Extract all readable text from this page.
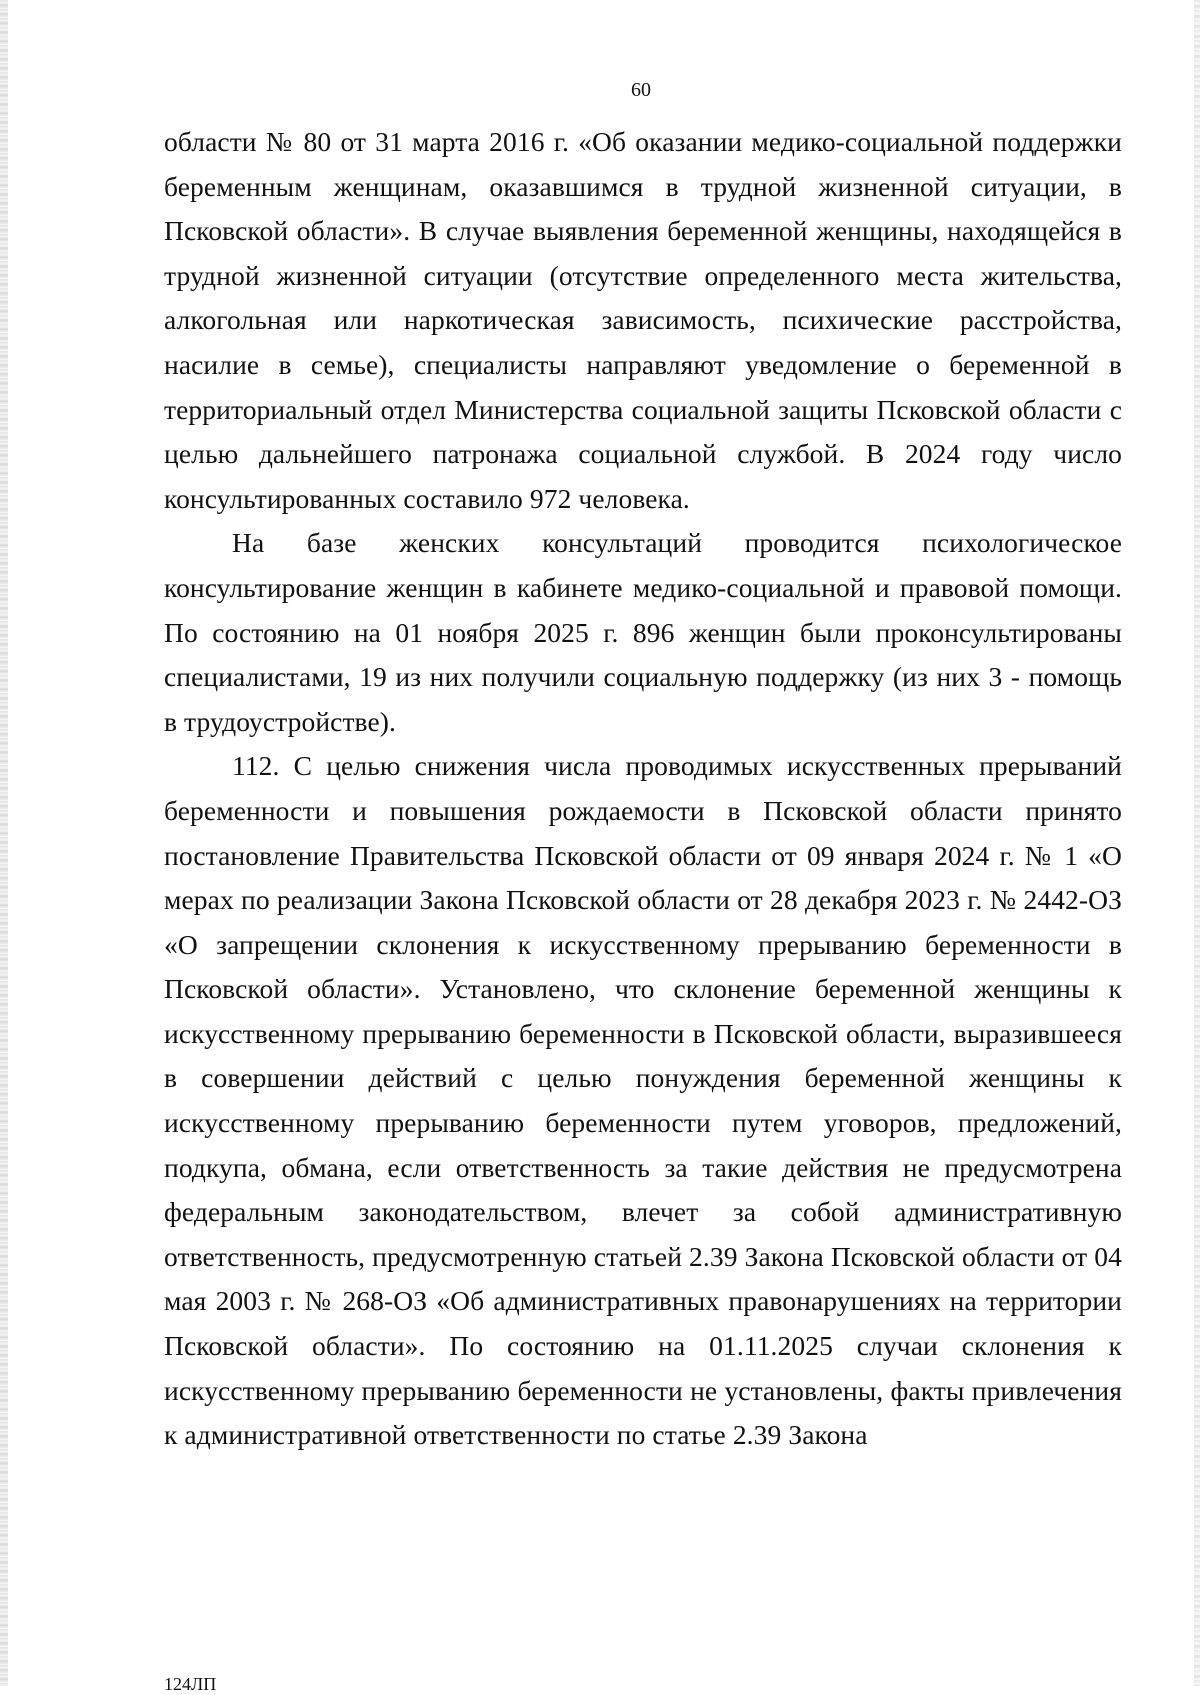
60

области № 80 от 31 марта 2016 г. «Об оказании медико-социальной поддержки беременным женщинам, оказавшимся в трудной жизненной ситуации, в Псковской области». В случае выявления беременной женщины, находящейся в трудной жизненной ситуации (отсутствие определенного места жительства, алкогольная или наркотическая зависимость, психические расстройства, насилие в семье), специалисты направляют уведомление о беременной в территориальный отдел Министерства социальной защиты Псковской области с целью дальнейшего патронажа социальной службой. В 2024 году число консультированных составило 972 человека.

На базе женских консультаций проводится психологическое консультирование женщин в кабинете медико-социальной и правовой помощи. По состоянию на 01 ноября 2025 г. 896 женщин были проконсультированы специалистами, 19 из них получили социальную поддержку (из них 3 - помощь в трудоустройстве).

112. С целью снижения числа проводимых искусственных прерываний беременности и повышения рождаемости в Псковской области принято постановление Правительства Псковской области от 09 января 2024 г. № 1 «О мерах по реализации Закона Псковской области от 28 декабря 2023 г. № 2442-ОЗ «О запрещении склонения к искусственному прерыванию беременности в Псковской области». Установлено, что склонение беременной женщины к искусственному прерыванию беременности в Псковской области, выразившееся в совершении действий с целью понуждения беременной женщины к искусственному прерыванию беременности путем уговоров, предложений, подкупа, обмана, если ответственность за такие действия не предусмотрена федеральным законодательством, влечет за собой административную ответственность, предусмотренную статьей 2.39 Закона Псковской области от 04 мая 2003 г. № 268-ОЗ «Об административных правонарушениях на территории Псковской области». По состоянию на 01.11.2025 случаи склонения к искусственному прерыванию беременности не установлены, факты привлечения к административной ответственности по статье 2.39 Закона

124ЛП
